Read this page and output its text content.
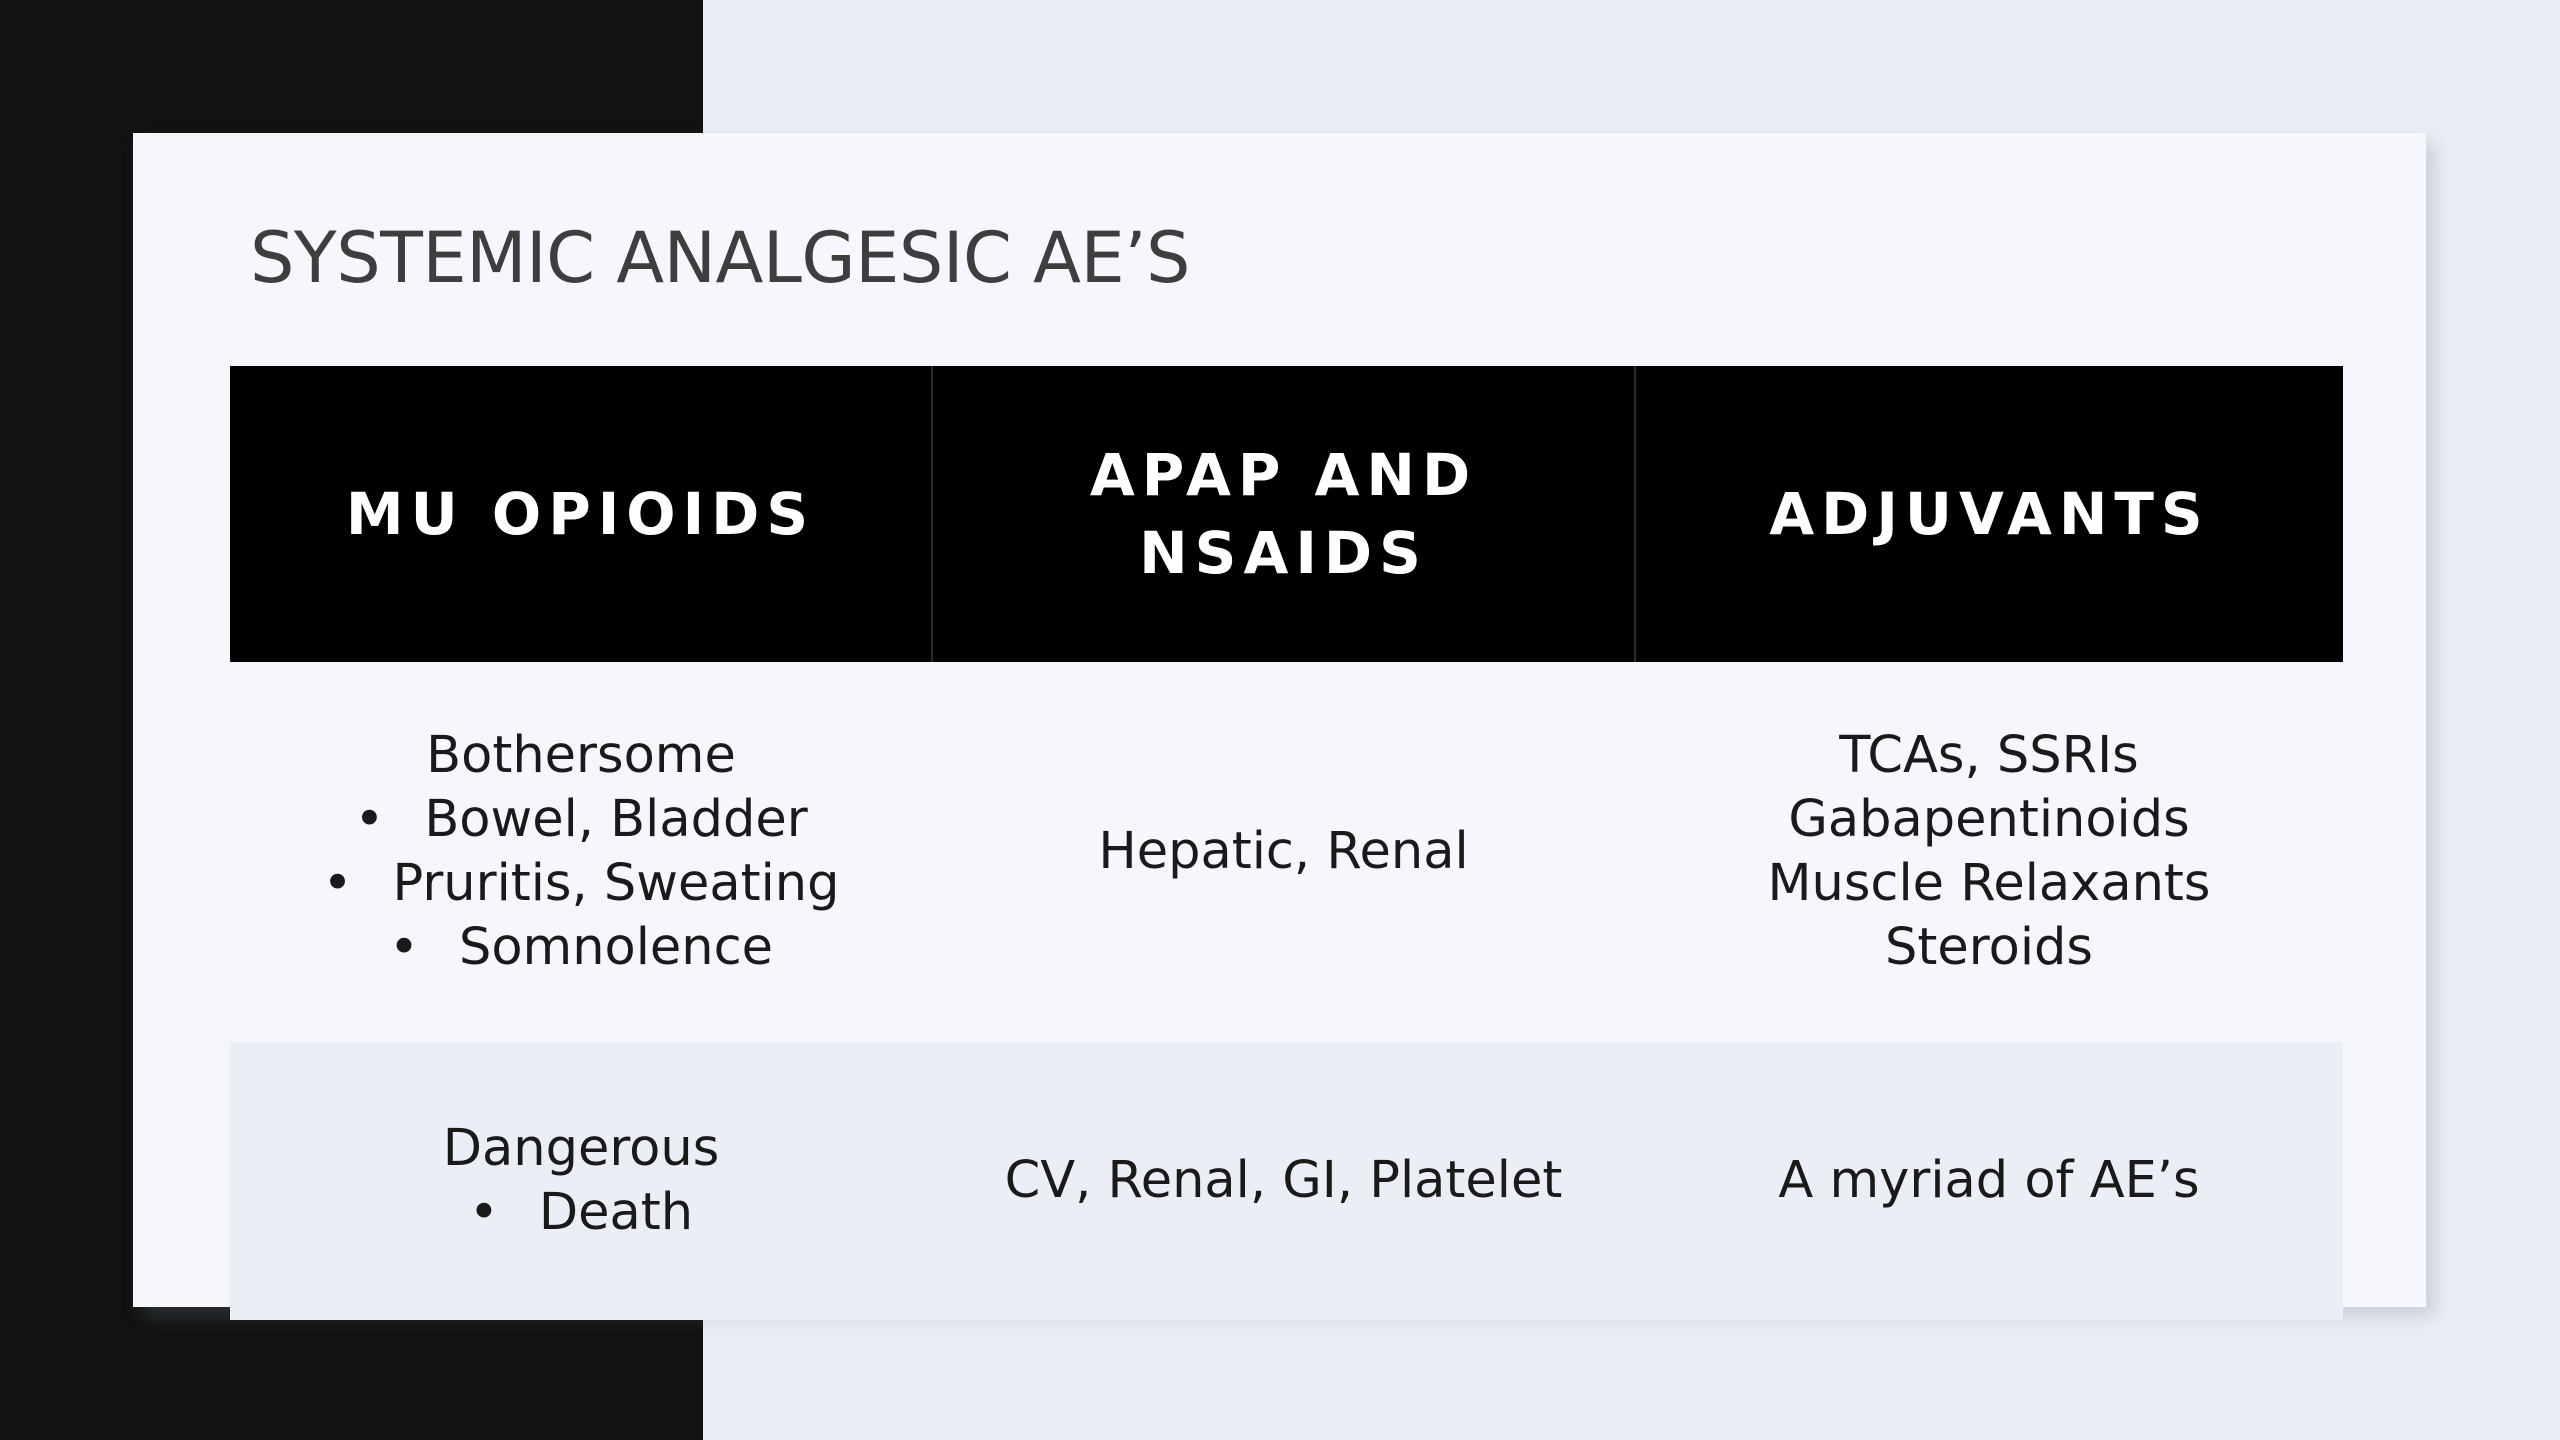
SYSTEMIC ANALGESIC AE’S
MU OPIOIDS	APAP AND NSAIDS	ADJUVANTS

Bothersome
• Bowel, Bladder
• Pruritis, Sweating
• Somnolence	Hepatic, Renal	TCAs, SSRIs
Gabapentinoids
Muscle Relaxants
Steroids

Dangerous
• Death	CV, Renal, GI, Platelet	A myriad of AE’s
